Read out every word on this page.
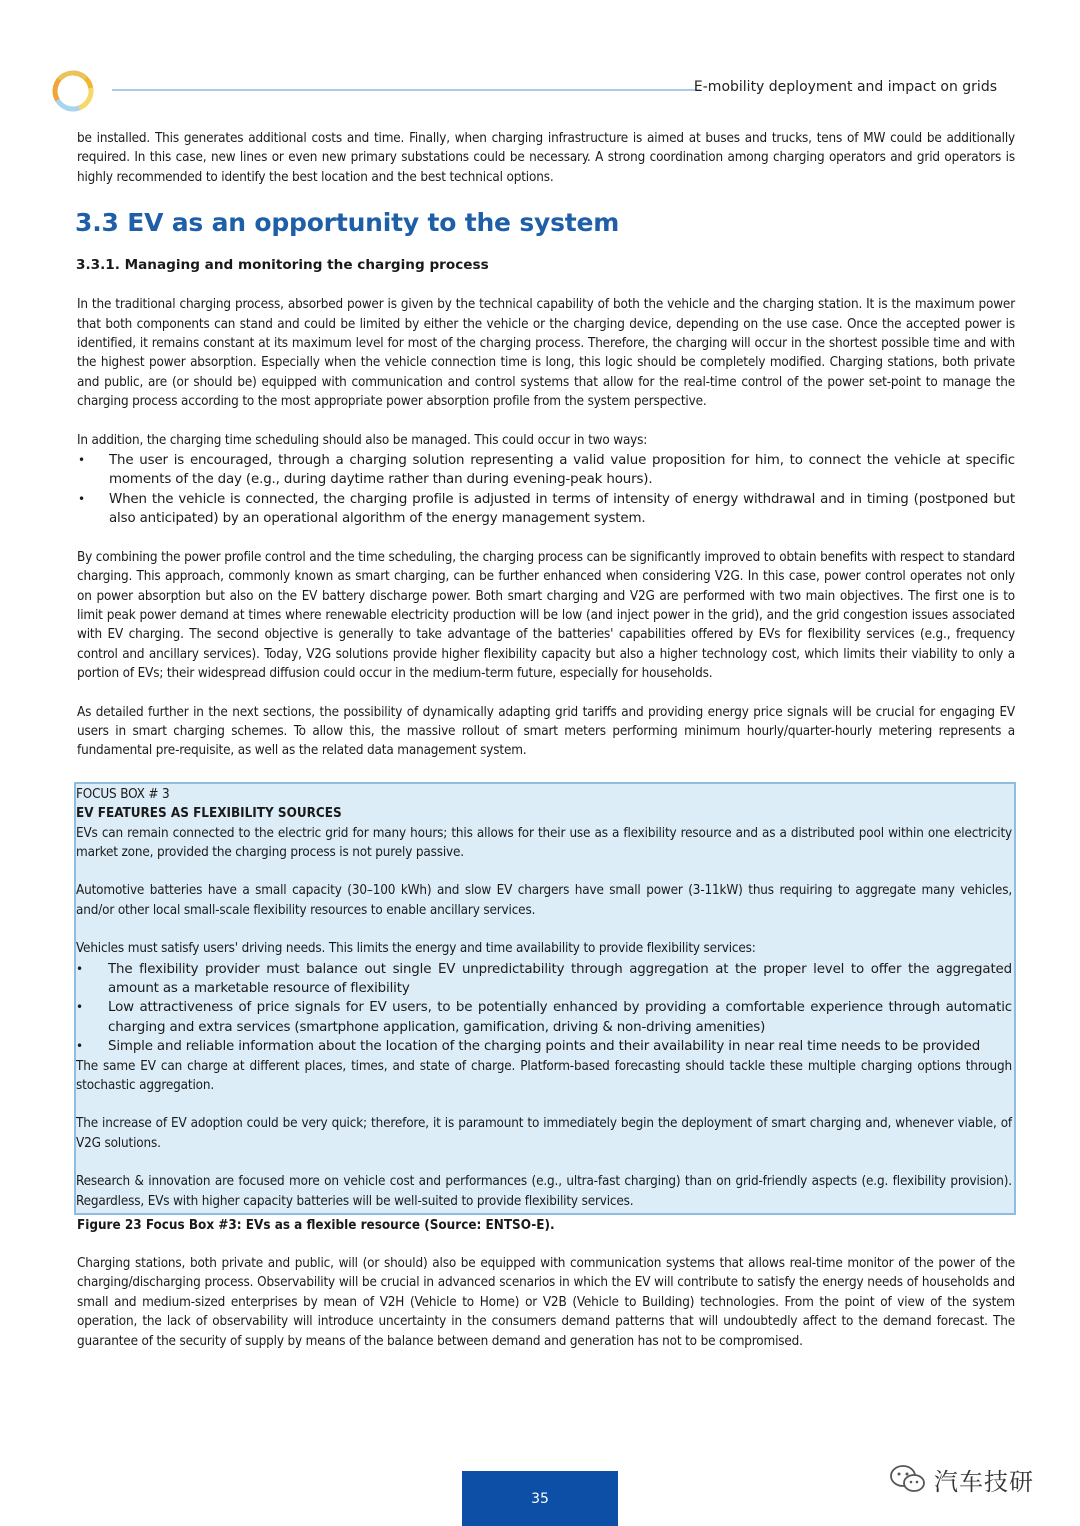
E-mobility deployment and impact on grids

be installed. This generates additional costs and time. Finally, when charging infrastructure is aimed at buses and trucks, tens of MW could be additionally required. In this case, new lines or even new primary substations could be necessary. A strong coordination among charging operators and grid operators is highly recommended to identify the best location and the best technical options.

3.3 EV as an opportunity to the system
3.3.1. Managing and monitoring the charging process

In the traditional charging process, absorbed power is given by the technical capability of both the vehicle and the charging station. It is the maximum power that both components can stand and could be limited by either the vehicle or the charging device, depending on the use case. Once the accepted power is identified, it remains constant at its maximum level for most of the charging process. Therefore, the charging will occur in the shortest possible time and with the highest power absorption. Especially when the vehicle connection time is long, this logic should be completely modified. Charging stations, both private and public, are (or should be) equipped with communication and control systems that allow for the real-time control of the power set-point to manage the charging process according to the most appropriate power absorption profile from the system perspective.

In addition, the charging time scheduling should also be managed. This could occur in two ways:

• The user is encouraged, through a charging solution representing a valid value proposition for him, to connect the vehicle at specific moments of the day (e.g., during daytime rather than during evening-peak hours).
• When the vehicle is connected, the charging profile is adjusted in terms of intensity of energy withdrawal and in timing (postponed but also anticipated) by an operational algorithm of the energy management system.

By combining the power profile control and the time scheduling, the charging process can be significantly improved to obtain benefits with respect to standard charging. This approach, commonly known as smart charging, can be further enhanced when considering V2G. In this case, power control operates not only on power absorption but also on the EV battery discharge power. Both smart charging and V2G are performed with two main objectives. The first one is to limit peak power demand at times where renewable electricity production will be low (and inject power in the grid), and the grid congestion issues associated with EV charging. The second objective is generally to take advantage of the batteries' capabilities offered by EVs for flexibility services (e.g., frequency control and ancillary services). Today, V2G solutions provide higher flexibility capacity but also a higher technology cost, which limits their viability to only a portion of EVs; their widespread diffusion could occur in the medium-term future, especially for households.

As detailed further in the next sections, the possibility of dynamically adapting grid tariffs and providing energy price signals will be crucial for engaging EV users in smart charging schemes. To allow this, the massive rollout of smart meters performing minimum hourly/quarter-hourly metering represents a fundamental pre-requisite, as well as the related data management system.

FOCUS BOX # 3

EV FEATURES AS FLEXIBILITY SOURCES

EVs can remain connected to the electric grid for many hours; this allows for their use as a flexibility resource and as a distributed pool within one electricity market zone, provided the charging process is not purely passive.

Automotive batteries have a small capacity (30–100 kWh) and slow EV chargers have small power (3-11kW) thus requiring to aggregate many vehicles, and/or other local small-scale flexibility resources to enable ancillary services.

Vehicles must satisfy users' driving needs. This limits the energy and time availability to provide flexibility services:

• The flexibility provider must balance out single EV unpredictability through aggregation at the proper level to offer the aggregated amount as a marketable resource of flexibility
• Low attractiveness of price signals for EV users, to be potentially enhanced by providing a comfortable experience through automatic charging and extra services (smartphone application, gamification, driving & non-driving amenities)
• Simple and reliable information about the location of the charging points and their availability in near real time needs to be provided

The same EV can charge at different places, times, and state of charge. Platform-based forecasting should tackle these multiple charging options through stochastic aggregation.

The increase of EV adoption could be very quick; therefore, it is paramount to immediately begin the deployment of smart charging and, whenever viable, of V2G solutions.

Research & innovation are focused more on vehicle cost and performances (e.g., ultra-fast charging) than on grid-friendly aspects (e.g. flexibility provision). Regardless, EVs with higher capacity batteries will be well-suited to provide flexibility services.

Figure 23 Focus Box #3: EVs as a flexible resource (Source: ENTSO-E).

Charging stations, both private and public, will (or should) also be equipped with communication systems that allows real-time monitor of the power of the charging/discharging process. Observability will be crucial in advanced scenarios in which the EV will contribute to satisfy the energy needs of households and small and medium-sized enterprises by mean of V2H (Vehicle to Home) or V2B (Vehicle to Building) technologies. From the point of view of the system operation, the lack of observability will introduce uncertainty in the consumers demand patterns that will undoubtedly affect to the demand forecast. The guarantee of the security of supply by means of the balance between demand and generation has not to be compromised.

35
汽车技研
